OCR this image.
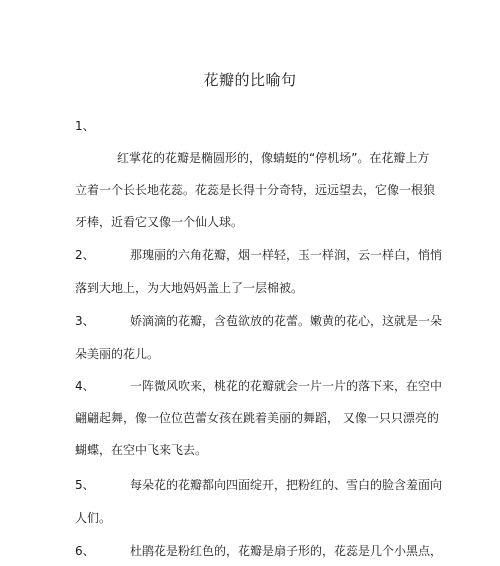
花瓣的比喻句
1、
红掌花的花瓣是椭圆形的，像蜻蜓的“停机场”。在花瓣上方
立着一个长长地花蕊。花蕊是长得十分奇特，远远望去，它像一根狼
牙棒，近看它又像一个仙人球。
2、	那瑰丽的六角花瓣，烟一样轻，玉一样润，云一样白，悄悄
落到大地上，为大地妈妈盖上了一层棉被。
3、	娇滴滴的花瓣，含苞欲放的花蕾。嫩黄的花心，这就是一朵
朵美丽的花儿。
4、	一阵微风吹来，桃花的花瓣就会一片一片的落下来，在空中
翩翩起舞，像一位位芭蕾女孩在跳着美丽的舞蹈， 又像一只只漂亮的
蝴蝶，在空中飞来飞去。
5、	每朵花的花瓣都向四面绽开，把粉红的、雪白的脸含羞面向
人们。
6、	杜鹃花是粉红色的，花瓣是扇子形的，花蕊是几个小黑点，
